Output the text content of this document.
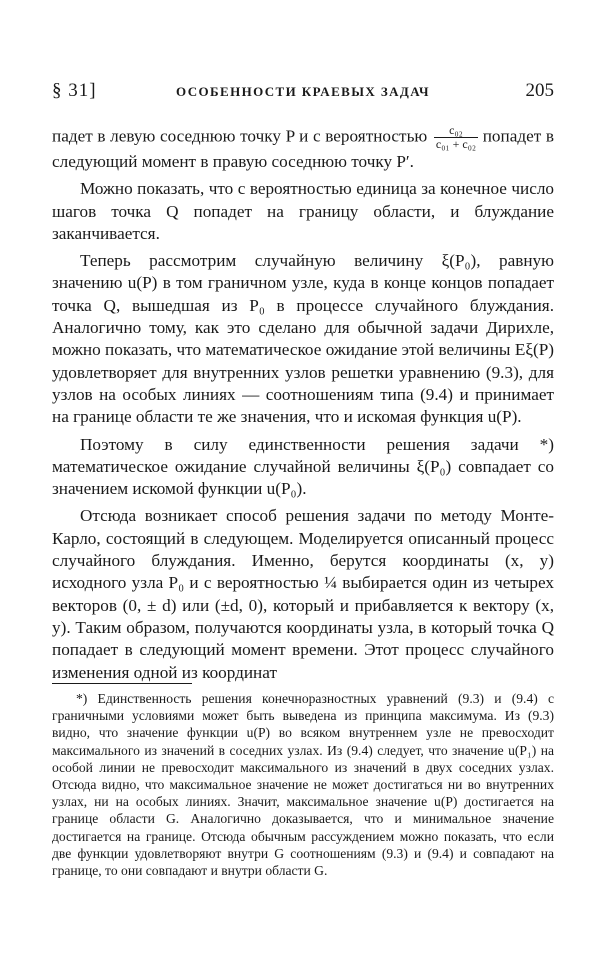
§ 31]	ОСОБЕННОСТИ КРАЕВЫХ ЗАДАЧ	205

падет в левую соседнюю точку P и с вероятностью $\frac{\text{c₀₂}}{\text{c₀₁ + c₀₂}}$ попадет в следующий момент в правую соседнюю точку P′.

Можно показать, что с вероятностью единица за конечное число шагов точка Q попадет на границу области, и блуждание заканчивается.

Теперь рассмотрим случайную величину ξ(P₀), равную значению u(P) в том граничном узле, куда в конце концов попадает точка Q, вышедшая из P₀ в процессе случайного блуждания. Аналогично тому, как это сделано для обычной задачи Дирихле, можно показать, что математическое ожидание этой величины Eξ(P) удовлетворяет для внутренних узлов решетки уравнению (9.3), для узлов на особых линиях — соотношениям типа (9.4) и принимает на границе области те же значения, что и искомая функция u(P).

Поэтому в силу единственности решения задачи *) математическое ожидание случайной величины ξ(P₀) совпадает со значением искомой функции u(P₀).

Отсюда возникает способ решения задачи по методу Монте-Карло, состоящий в следующем. Моделируется описанный процесс случайного блуждания. Именно, берутся координаты (x, y) исходного узла P₀ и с вероятностью ¼ выбирается один из четырех векторов (0, ± d) или (±d, 0), который и прибавляется к вектору (x, y). Таким образом, получаются координаты узла, в который точка Q попадает в следующий момент времени. Этот процесс случайного изменения одной из координат

*) Единственность решения конечноразностных уравнений (9.3) и (9.4) с граничными условиями может быть выведена из принципа максимума. Из (9.3) видно, что значение функции u(P) во всяком внутреннем узле не превосходит максимального из значений в соседних узлах. Из (9.4) следует, что значение u(P₁) на особой линии не превосходит максимального из значений в двух соседних узлах. Отсюда видно, что максимальное значение не может достигаться ни во внутренних узлах, ни на особых линиях. Значит, максимальное значение u(P) достигается на границе области G. Аналогично доказывается, что и минимальное значение достигается на границе. Отсюда обычным рассуждением можно показать, что если две функции удовлетворяют внутри G соотношениям (9.3) и (9.4) и совпадают на границе, то они совпадают и внутри области G.
